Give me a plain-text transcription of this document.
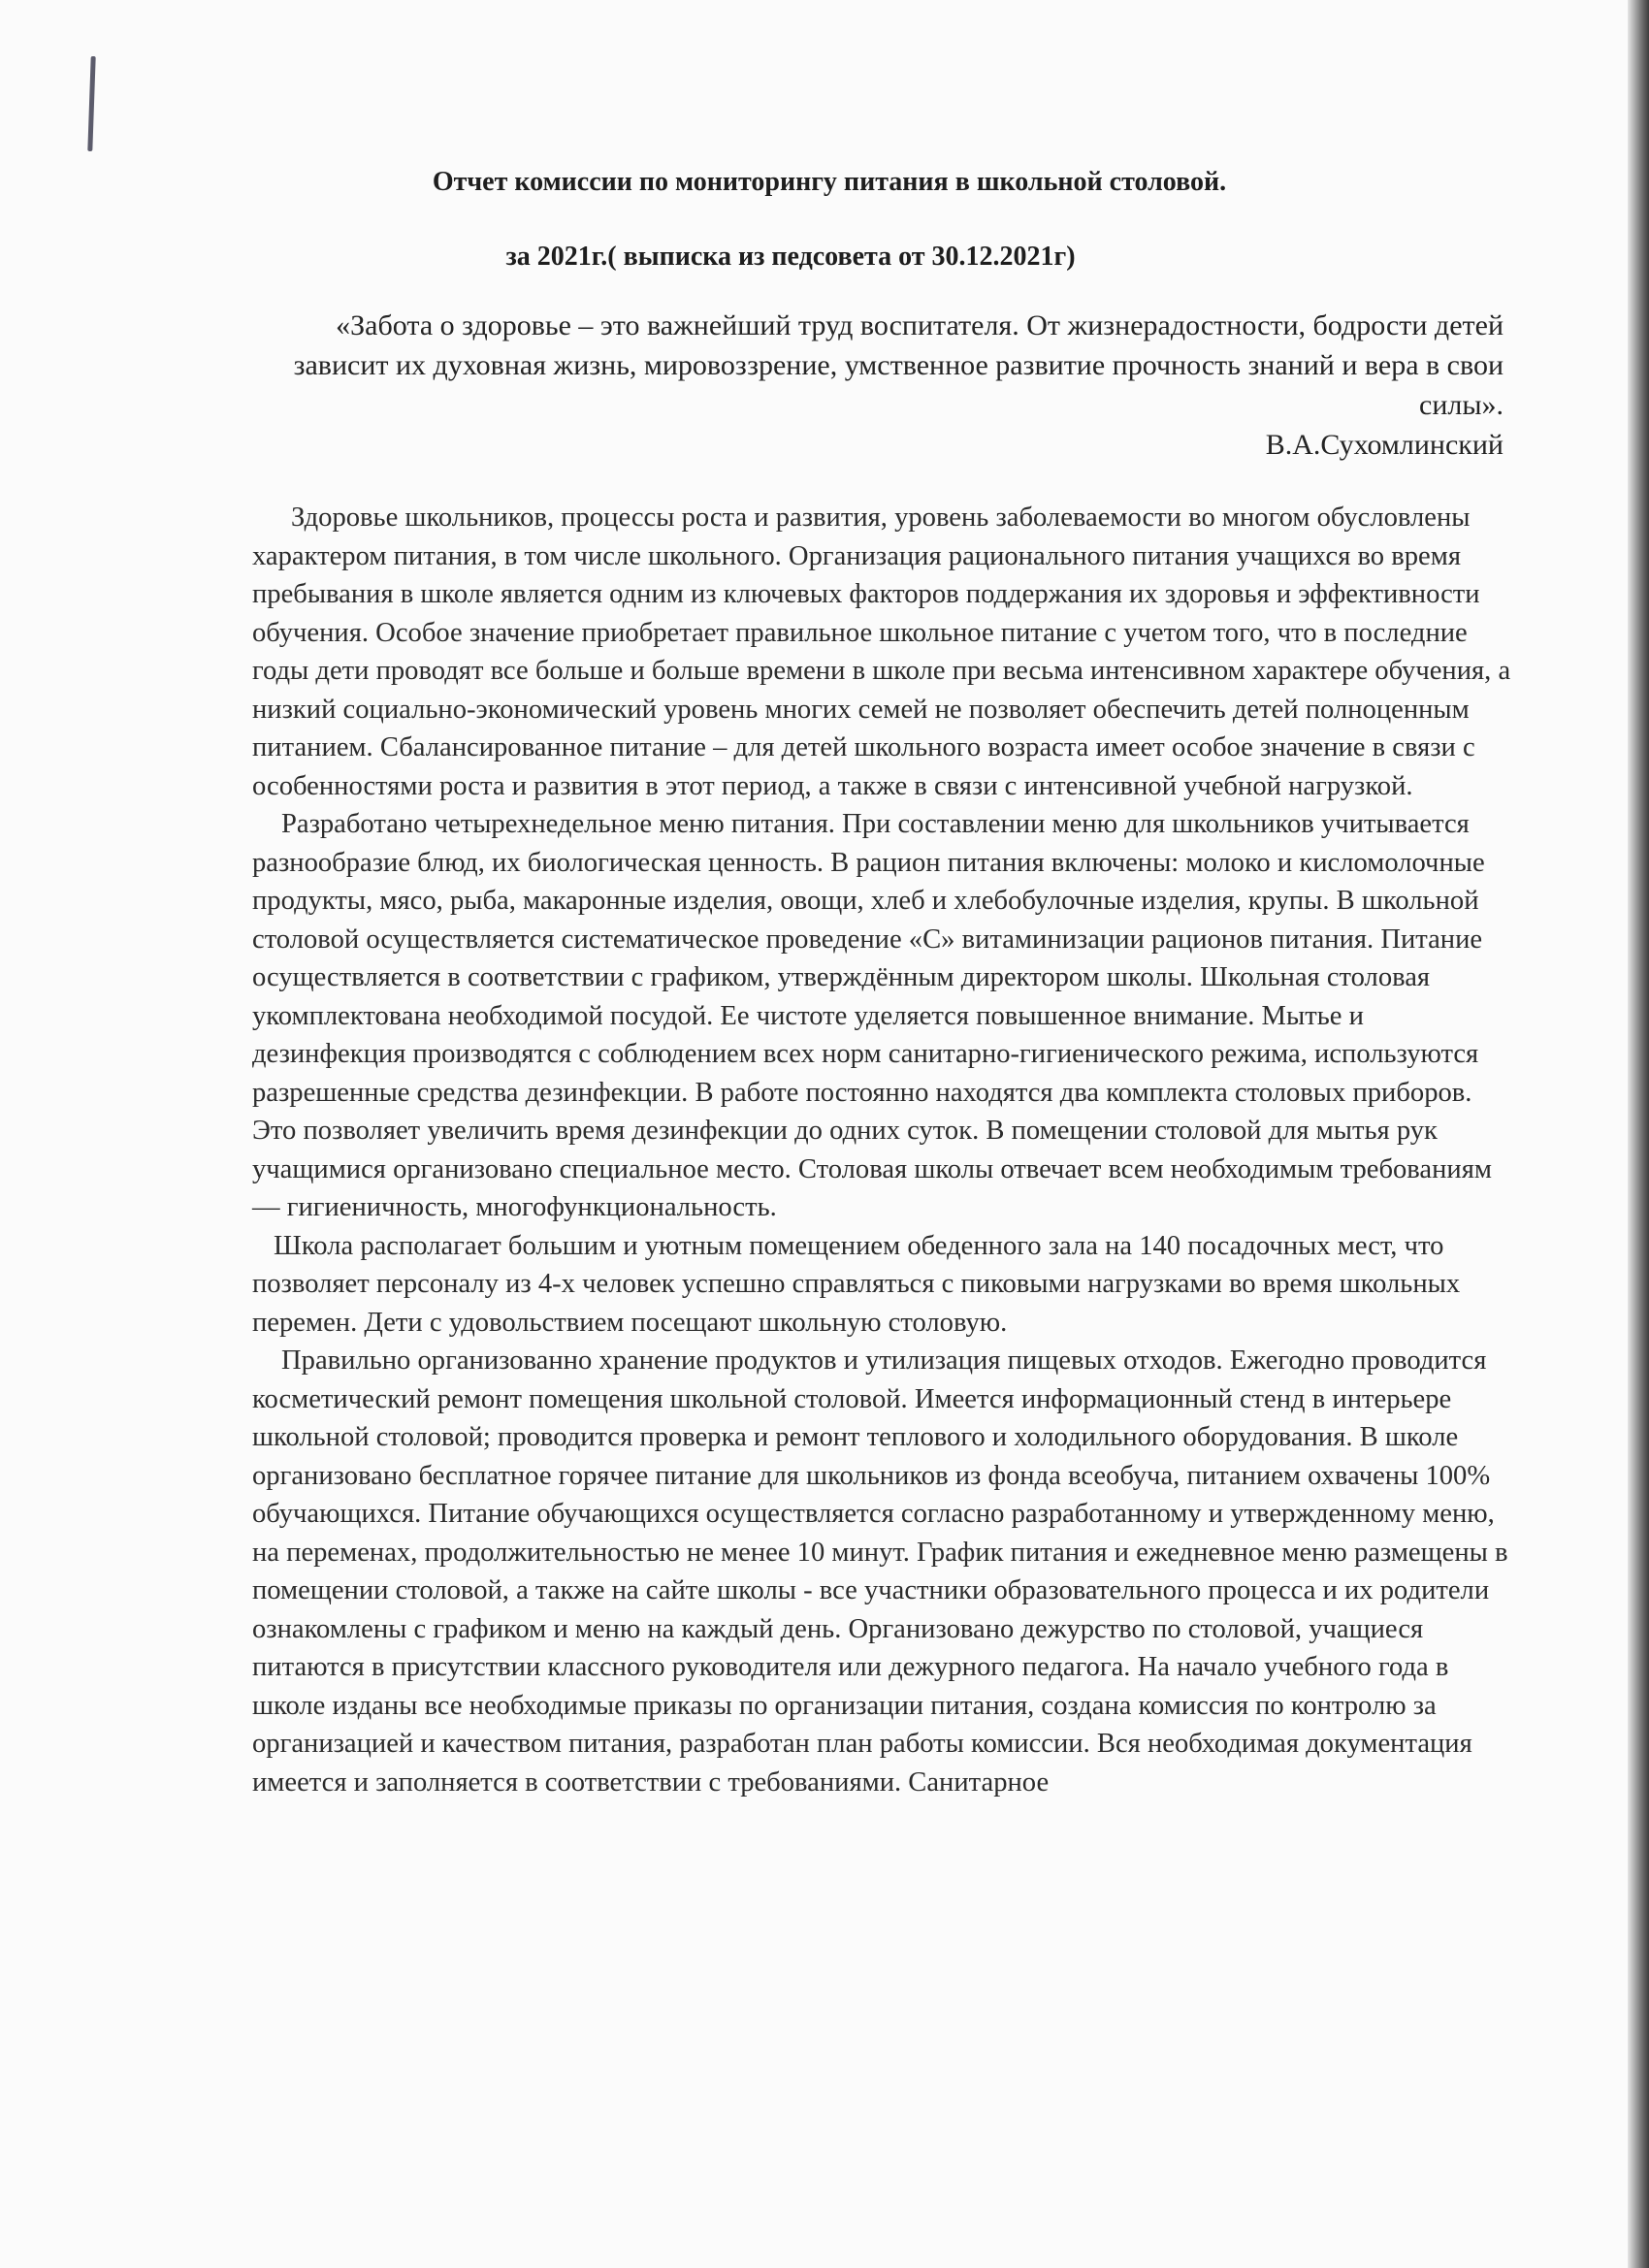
Отчет комиссии по мониторингу питания в школьной столовой.
за 2021г.( выписка из педсовета от 30.12.2021г)
«Забота о здоровье – это важнейший труд воспитателя. От жизнерадостности, бодрости детей зависит их духовная жизнь, мировоззрение, умственное развитие прочность знаний и вера в свои силы».
В.А.Сухомлинский

Здоровье школьников, процессы роста и развития, уровень заболеваемости во многом обусловлены характером питания, в том числе школьного. Организация рационального питания учащихся во время пребывания в школе является одним из ключевых факторов поддержания их здоровья и эффективности обучения. Особое значение приобретает правильное школьное питание с учетом того, что в последние годы дети проводят все больше и больше времени в школе при весьма интенсивном характере обучения, а низкий социально-экономический уровень многих семей не позволяет обеспечить детей полноценным питанием. Сбалансированное питание – для детей школьного возраста имеет особое значение в связи с особенностями роста и развития в этот период, а также в связи с интенсивной учебной нагрузкой.

Разработано четырехнедельное меню питания. При составлении меню для школьников учитывается разнообразие блюд, их биологическая ценность. В рацион питания включены: молоко и кисломолочные продукты, мясо, рыба, макаронные изделия, овощи, хлеб и хлебобулочные изделия, крупы. В школьной столовой осуществляется систематическое проведение «С» витаминизации рационов питания. Питание осуществляется в соответствии с графиком, утверждённым директором школы. Школьная столовая укомплектована необходимой посудой. Ее чистоте уделяется повышенное внимание. Мытье и дезинфекция производятся с соблюдением всех норм санитарно-гигиенического режима, используются разрешенные средства дезинфекции. В работе постоянно находятся два комплекта столовых приборов. Это позволяет увеличить время дезинфекции до одних суток. В помещении столовой для мытья рук учащимися организовано специальное место. Столовая школы отвечает всем необходимым требованиям — гигиеничность, многофункциональность.

Школа располагает большим и уютным помещением обеденного зала на 140 посадочных мест, что позволяет персоналу из 4-х человек успешно справляться с пиковыми нагрузками во время школьных перемен. Дети с удовольствием посещают школьную столовую.

Правильно организованно хранение продуктов и утилизация пищевых отходов. Ежегодно проводится косметический ремонт помещения школьной столовой. Имеется информационный стенд в интерьере школьной столовой; проводится проверка и ремонт теплового и холодильного оборудования. В школе организовано бесплатное горячее питание для школьников из фонда всеобуча, питанием охвачены 100% обучающихся. Питание обучающихся осуществляется согласно разработанному и утвержденному меню, на переменах, продолжительностью не менее 10 минут. График питания и ежедневное меню размещены в помещении столовой, а также на сайте школы - все участники образовательного процесса и их родители ознакомлены с графиком и меню на каждый день. Организовано дежурство по столовой, учащиеся питаются в присутствии классного руководителя или дежурного педагога. На начало учебного года в школе изданы все необходимые приказы по организации питания, создана комиссия по контролю за организацией и качеством питания, разработан план работы комиссии. Вся необходимая документация имеется и заполняется в соответствии с требованиями. Санитарное
